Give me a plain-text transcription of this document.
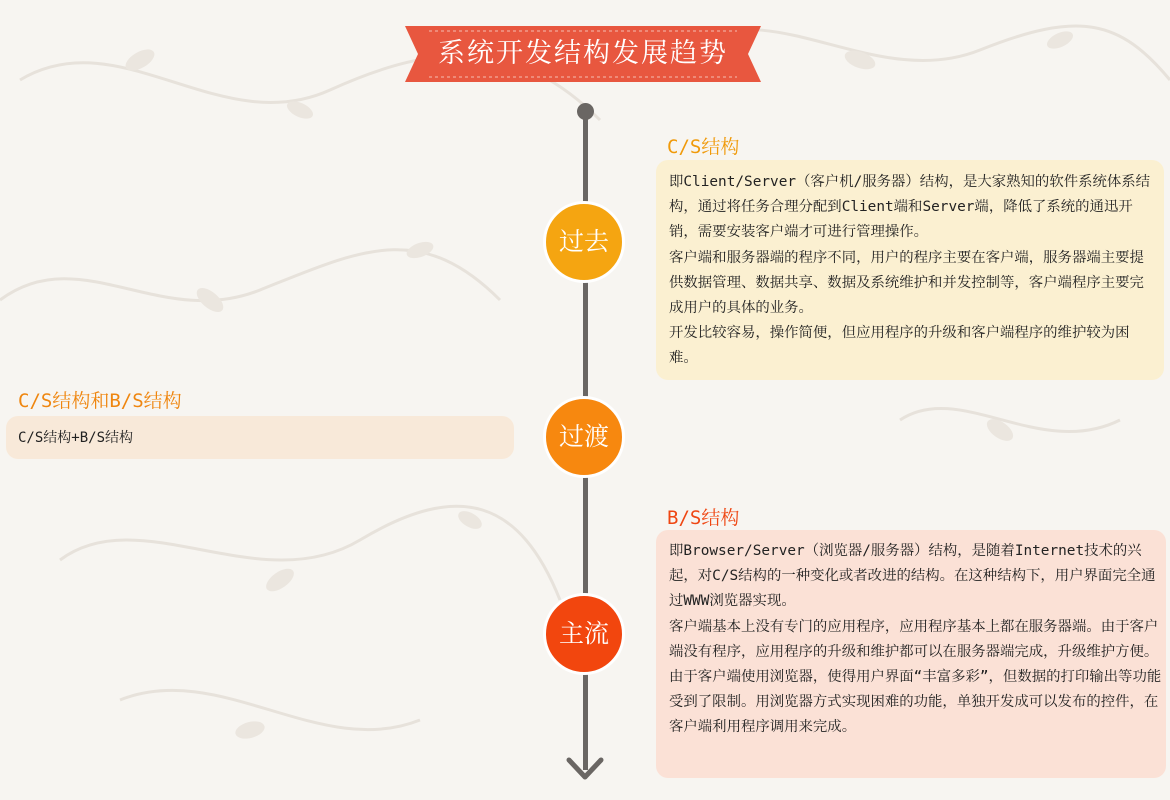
系统开发结构发展趋势
过去
过渡
主流
C/S结构

即Client/Server（客户机/服务器）结构，是大家熟知的软件系统体系结构，通过将任务合理分配到Client端和Server端，降低了系统的通迅开销，需要安装客户端才可进行管理操作。

客户端和服务器端的程序不同，用户的程序主要在客户端，服务器端主要提供数据管理、数据共享、数据及系统维护和并发控制等，客户端程序主要完成用户的具体的业务。

开发比较容易，操作简便，但应用程序的升级和客户端程序的维护较为困难。

C/S结构和B/S结构

C/S结构+B/S结构

B/S结构

即Browser/Server（浏览器/服务器）结构，是随着Internet技术的兴起，对C/S结构的一种变化或者改进的结构。在这种结构下，用户界面完全通过WWW浏览器实现。

客户端基本上没有专门的应用程序，应用程序基本上都在服务器端。由于客户端没有程序，应用程序的升级和维护都可以在服务器端完成，升级维护方便。由于客户端使用浏览器，使得用户界面“丰富多彩”，但数据的打印输出等功能受到了限制。用浏览器方式实现困难的功能，单独开发成可以发布的控件，在客户端利用程序调用来完成。
